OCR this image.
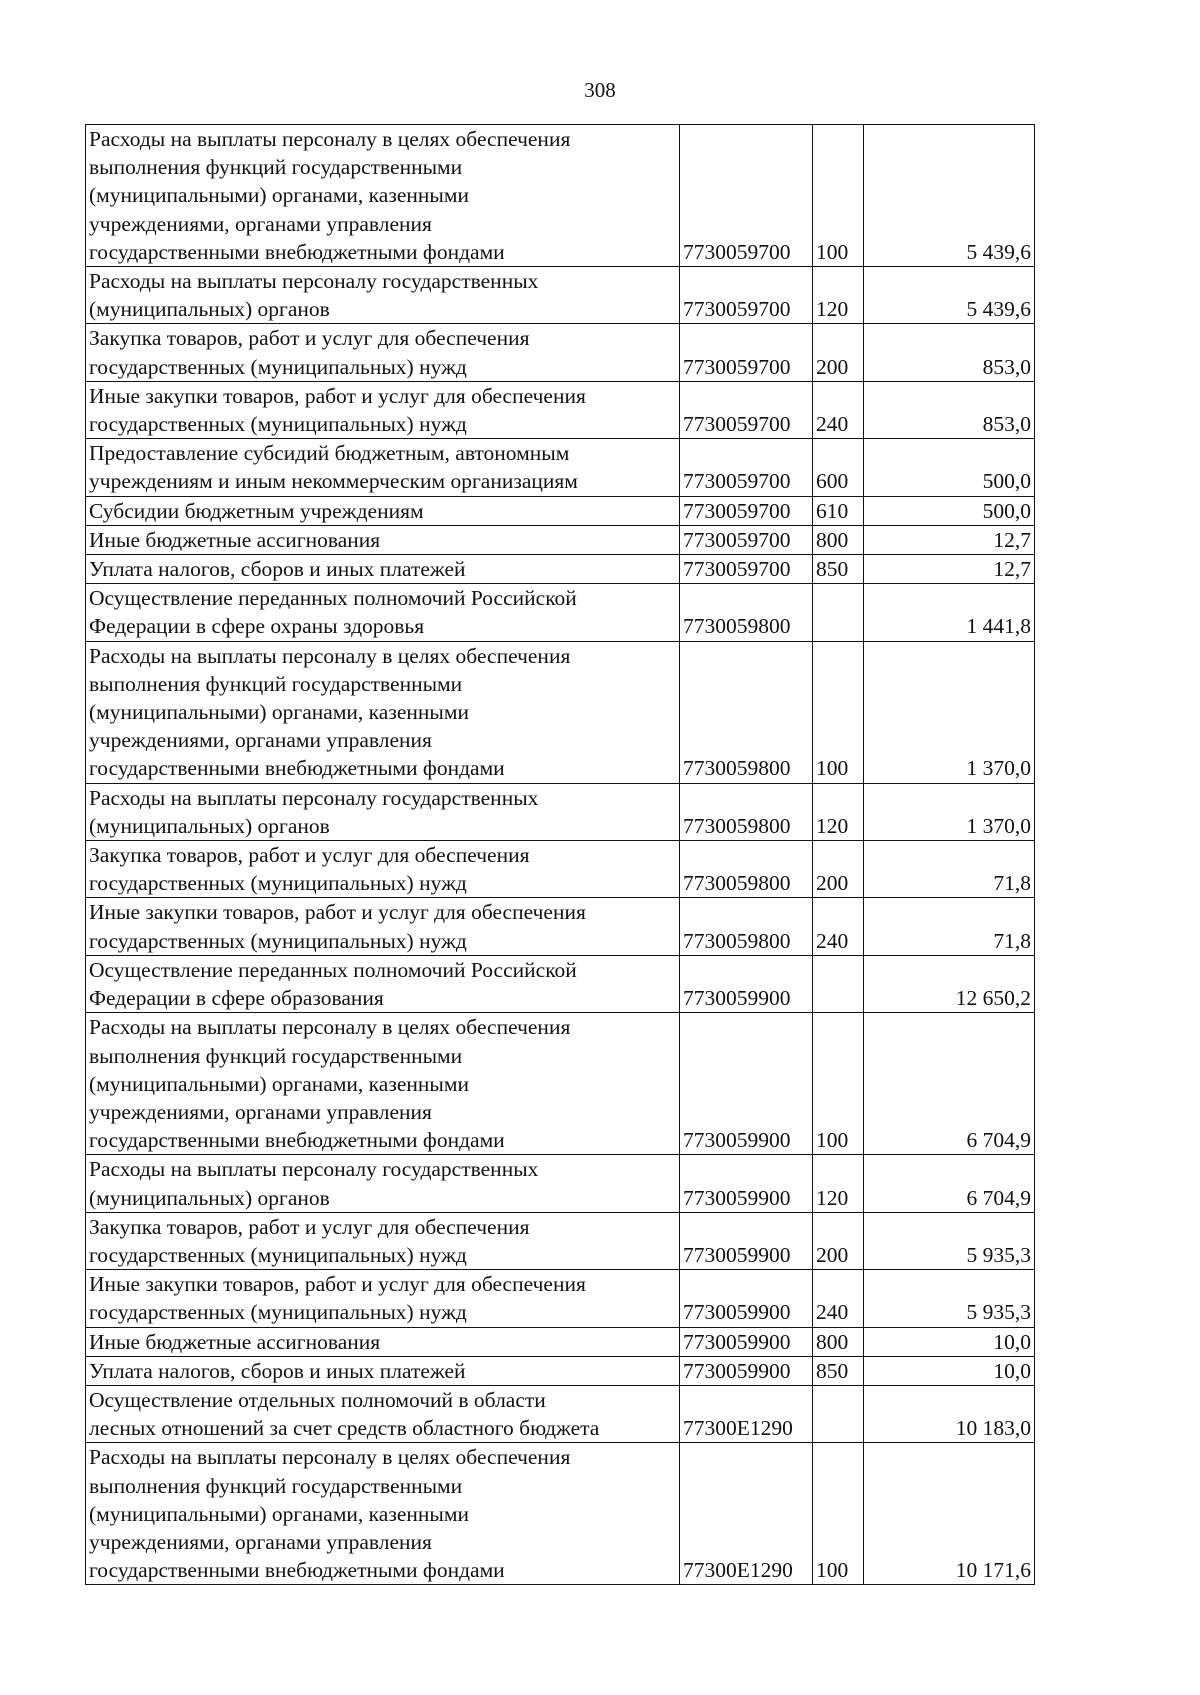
308
Расходы на выплаты персоналу в целях обеспечения
выполнения функций государственными
(муниципальными) органами, казенными
учреждениями, органами управления
государственными внебюджетными фондами	7730059700	100	5 439,6
Расходы на выплаты персоналу государственных
(муниципальных) органов	7730059700	120	5 439,6
Закупка товаров, работ и услуг для обеспечения
государственных (муниципальных) нужд	7730059700	200	853,0
Иные закупки товаров, работ и услуг для обеспечения
государственных (муниципальных) нужд	7730059700	240	853,0
Предоставление субсидий бюджетным, автономным
учреждениям и иным некоммерческим организациям	7730059700	600	500,0
Субсидии бюджетным учреждениям	7730059700	610	500,0
Иные бюджетные ассигнования	7730059700	800	12,7
Уплата налогов, сборов и иных платежей	7730059700	850	12,7
Осуществление переданных полномочий Российской
Федерации в сфере охраны здоровья	7730059800		1 441,8
Расходы на выплаты персоналу в целях обеспечения
выполнения функций государственными
(муниципальными) органами, казенными
учреждениями, органами управления
государственными внебюджетными фондами	7730059800	100	1 370,0
Расходы на выплаты персоналу государственных
(муниципальных) органов	7730059800	120	1 370,0
Закупка товаров, работ и услуг для обеспечения
государственных (муниципальных) нужд	7730059800	200	71,8
Иные закупки товаров, работ и услуг для обеспечения
государственных (муниципальных) нужд	7730059800	240	71,8
Осуществление переданных полномочий Российской
Федерации в сфере образования	7730059900		12 650,2
Расходы на выплаты персоналу в целях обеспечения
выполнения функций государственными
(муниципальными) органами, казенными
учреждениями, органами управления
государственными внебюджетными фондами	7730059900	100	6 704,9
Расходы на выплаты персоналу государственных
(муниципальных) органов	7730059900	120	6 704,9
Закупка товаров, работ и услуг для обеспечения
государственных (муниципальных) нужд	7730059900	200	5 935,3
Иные закупки товаров, работ и услуг для обеспечения
государственных (муниципальных) нужд	7730059900	240	5 935,3
Иные бюджетные ассигнования	7730059900	800	10,0
Уплата налогов, сборов и иных платежей	7730059900	850	10,0
Осуществление отдельных полномочий в области
лесных отношений за счет средств областного бюджета	77300Е1290		10 183,0
Расходы на выплаты персоналу в целях обеспечения
выполнения функций государственными
(муниципальными) органами, казенными
учреждениями, органами управления
государственными внебюджетными фондами	77300Е1290	100	10 171,6
